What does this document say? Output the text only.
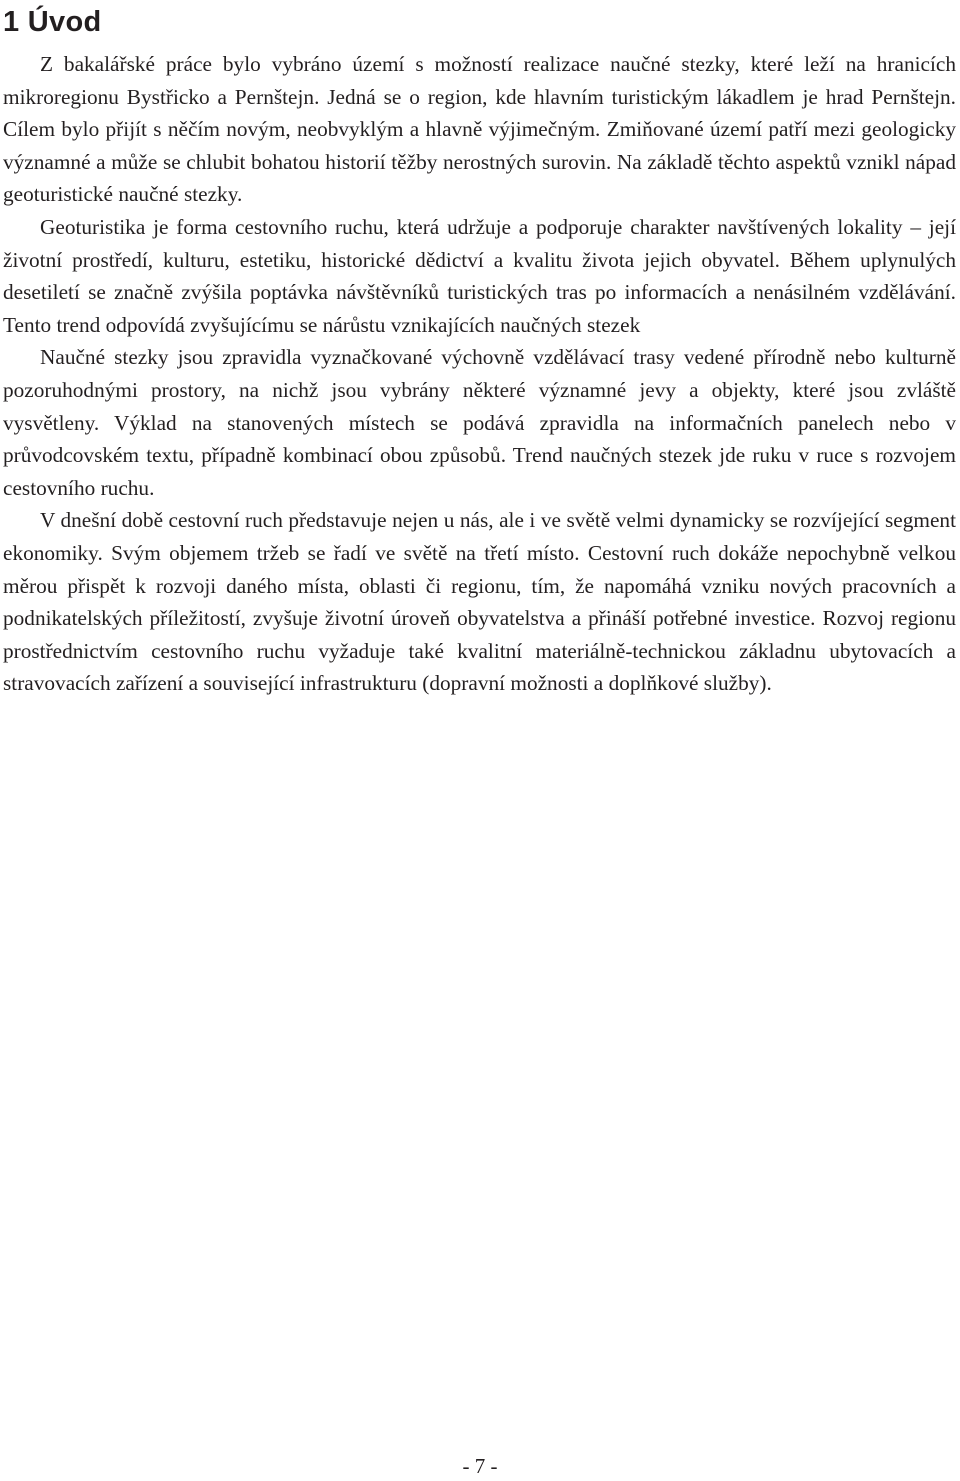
1 Úvod

Z bakalářské práce bylo vybráno území s možností realizace naučné stezky, které leží na hranicích mikroregionu Bystřicko a Pernštejn. Jedná se o region, kde hlavním turistickým lákadlem je hrad Pernštejn. Cílem bylo přijít s něčím novým, neobvyklým a hlavně výjimečným. Zmiňované území patří mezi geologicky významné a může se chlubit bohatou historií těžby nerostných surovin. Na základě těchto aspektů vznikl nápad geoturistické naučné stezky.

Geoturistika je forma cestovního ruchu, která udržuje a podporuje charakter navštívených lokality – její životní prostředí, kulturu, estetiku, historické dědictví a kvalitu života jejich obyvatel. Během uplynulých desetiletí se značně zvýšila poptávka návštěvníků turistických tras po informacích a nenásilném vzdělávání. Tento trend odpovídá zvyšujícímu se nárůstu vznikajících naučných stezek

Naučné stezky jsou zpravidla vyznačkované výchovně vzdělávací trasy vedené přírodně nebo kulturně pozoruhodnými prostory, na nichž jsou vybrány některé významné jevy a objekty, které jsou zvláště vysvětleny. Výklad na stanovených místech se podává zpravidla na informačních panelech nebo v průvodcovském textu, případně kombinací obou způsobů. Trend naučných stezek jde ruku v ruce s rozvojem cestovního ruchu.

V dnešní době cestovní ruch představuje nejen u nás, ale i ve světě velmi dynamicky se rozvíjející segment ekonomiky. Svým objemem tržeb se řadí ve světě na třetí místo. Cestovní ruch dokáže nepochybně velkou měrou přispět k rozvoji daného místa, oblasti či regionu, tím, že napomáhá vzniku nových pracovních a podnikatelských příležitostí, zvyšuje životní úroveň obyvatelstva a přináší potřebné investice. Rozvoj regionu prostřednictvím cestovního ruchu vyžaduje také kvalitní materiálně-technickou základnu ubytovacích a stravovacích zařízení a související infrastrukturu (dopravní možnosti a doplňkové služby).

- 7 -
